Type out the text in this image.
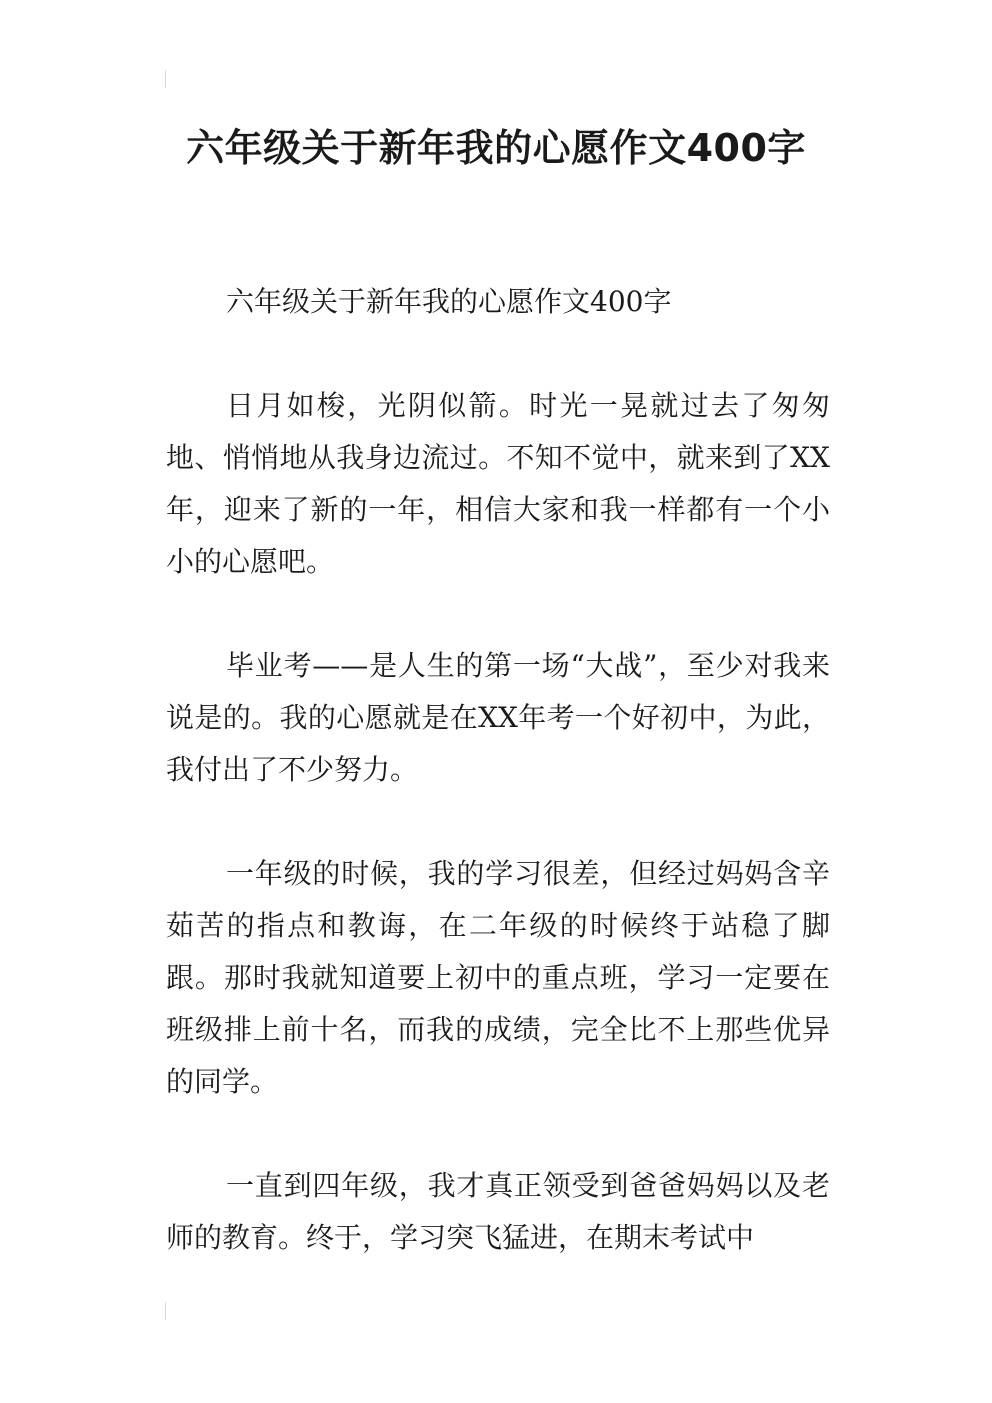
六年级关于新年我的心愿作文400字

六年级关于新年我的心愿作文400字

日月如梭，光阴似箭。时光一晃就过去了匆匆地、悄悄地从我身边流过。不知不觉中，就来到了XX年，迎来了新的一年，相信大家和我一样都有一个小小的心愿吧。

毕业考——是人生的第一场“大战”，至少对我来说是的。我的心愿就是在XX年考一个好初中，为此，我付出了不少努力。

一年级的时候，我的学习很差，但经过妈妈含辛茹苦的指点和教诲，在二年级的时候终于站稳了脚跟。那时我就知道要上初中的重点班，学习一定要在班级排上前十名，而我的成绩，完全比不上那些优异的同学。

一直到四年级，我才真正领受到爸爸妈妈以及老师的教育。终于，学习突飞猛进，在期末考试中
